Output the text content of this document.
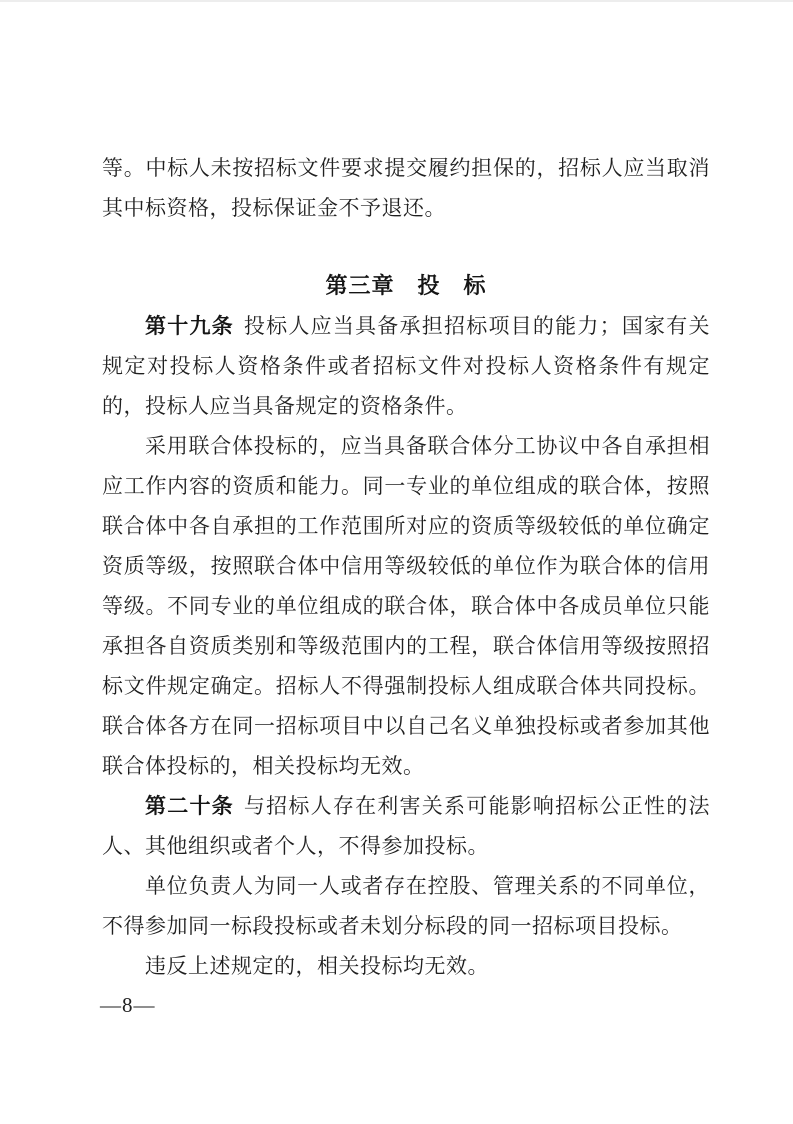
等。中标人未按招标文件要求提交履约担保的，招标人应当取消其中标资格，投标保证金不予退还。

第三章　投　标

第十九条 投标人应当具备承担招标项目的能力；国家有关规定对投标人资格条件或者招标文件对投标人资格条件有规定的，投标人应当具备规定的资格条件。

采用联合体投标的，应当具备联合体分工协议中各自承担相应工作内容的资质和能力。同一专业的单位组成的联合体，按照联合体中各自承担的工作范围所对应的资质等级较低的单位确定资质等级，按照联合体中信用等级较低的单位作为联合体的信用等级。不同专业的单位组成的联合体，联合体中各成员单位只能承担各自资质类别和等级范围内的工程，联合体信用等级按照招标文件规定确定。招标人不得强制投标人组成联合体共同投标。联合体各方在同一招标项目中以自己名义单独投标或者参加其他联合体投标的，相关投标均无效。

第二十条 与招标人存在利害关系可能影响招标公正性的法人、其他组织或者个人，不得参加投标。

单位负责人为同一人或者存在控股、管理关系的不同单位，不得参加同一标段投标或者未划分标段的同一招标项目投标。

违反上述规定的，相关投标均无效。

—8—
